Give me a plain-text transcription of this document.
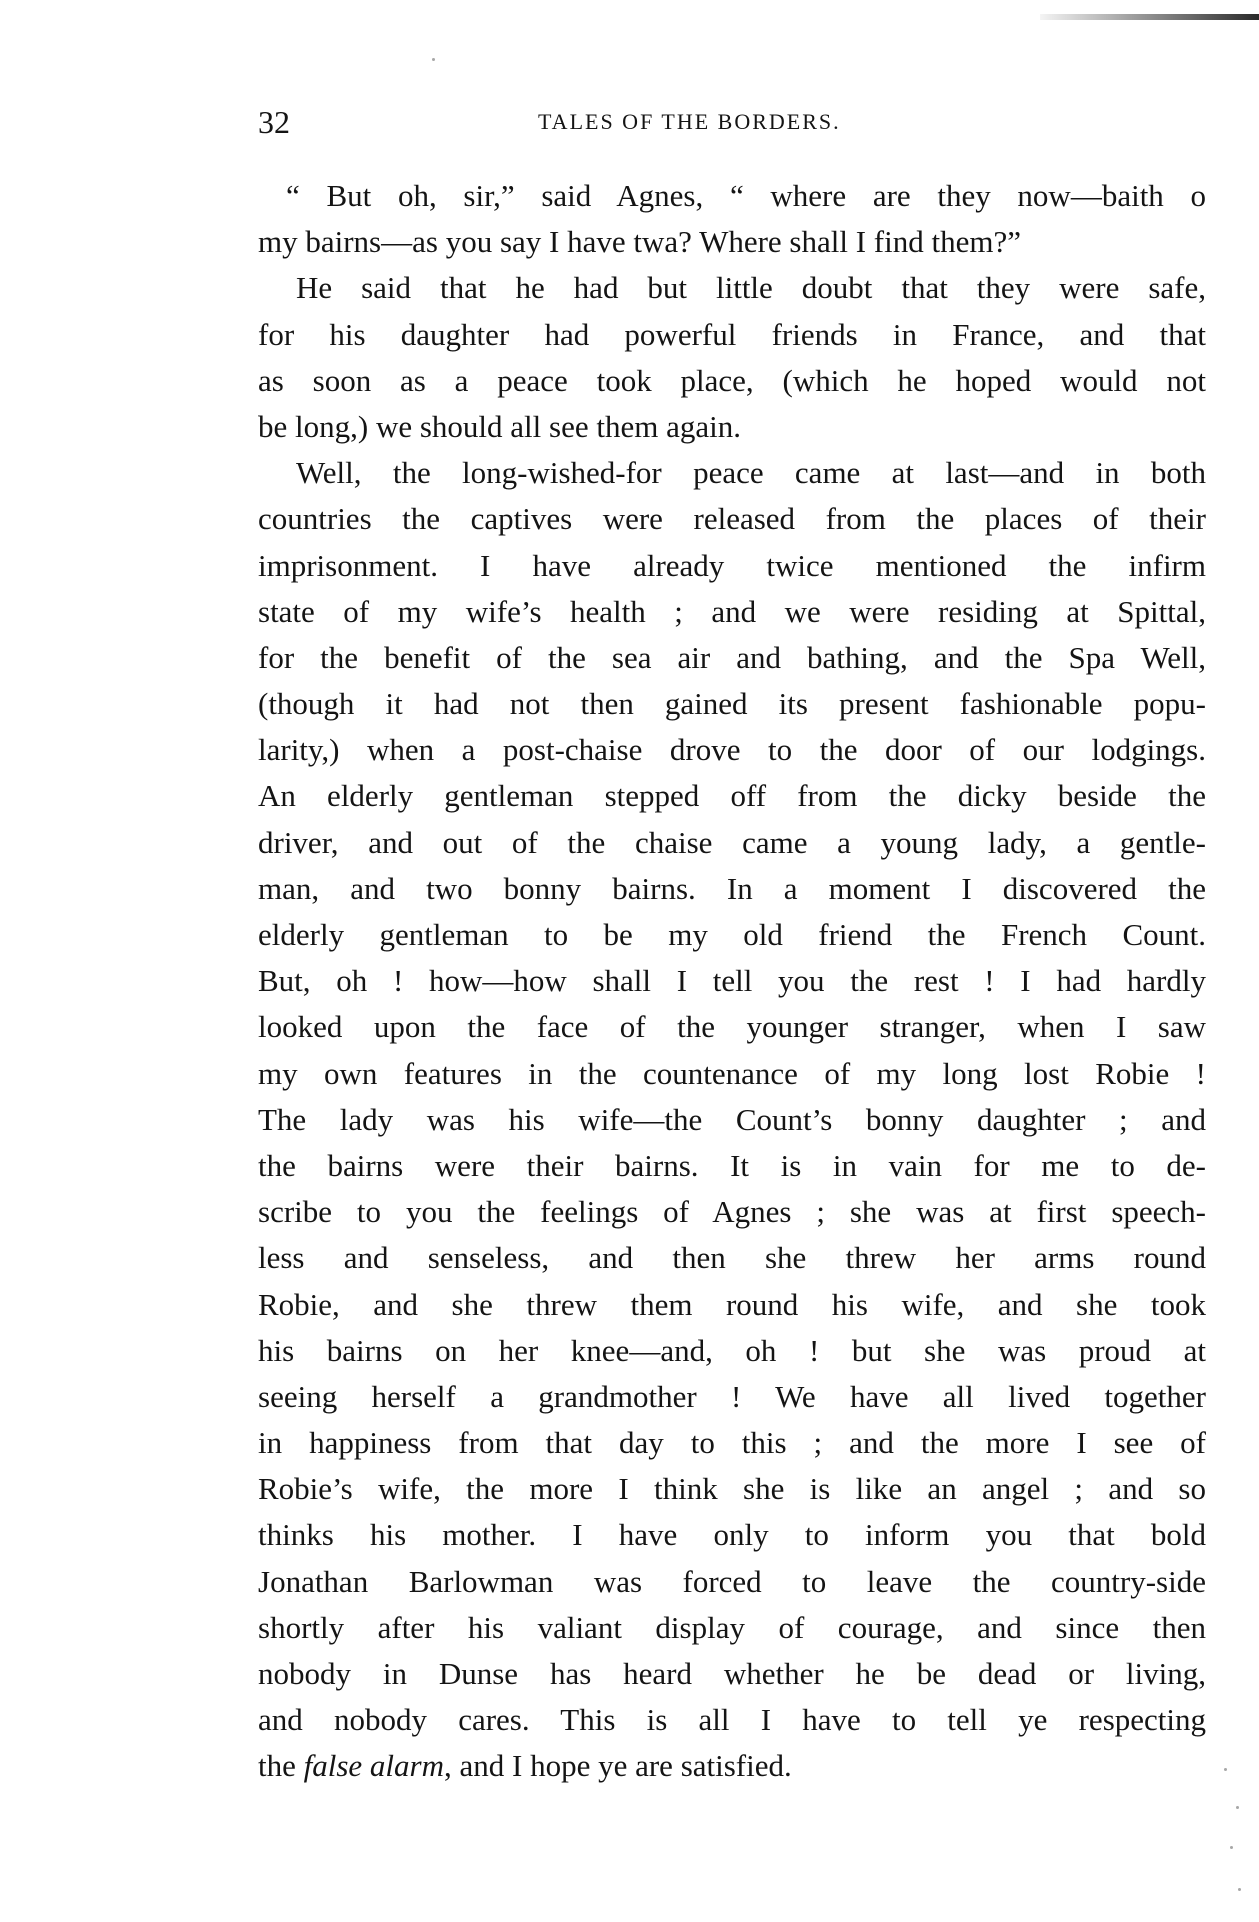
32	TALES OF THE BORDERS.
“ But oh, sir,” said Agnes, “ where are they now—baith o
my bairns—as you say I have twa? Where shall I find them?”
He said that he had but little doubt that they were safe,
for his daughter had powerful friends in France, and that
as soon as a peace took place, (which he hoped would not
be long,) we should all see them again.
Well, the long-wished-for peace came at last—and in both
countries the captives were released from the places of their
imprisonment. I have already twice mentioned the infirm
state of my wife’s health ; and we were residing at Spittal,
for the benefit of the sea air and bathing, and the Spa Well,
(though it had not then gained its present fashionable popu-
larity,) when a post-chaise drove to the door of our lodgings.
An elderly gentleman stepped off from the dicky beside the
driver, and out of the chaise came a young lady, a gentle-
man, and two bonny bairns. In a moment I discovered the
elderly gentleman to be my old friend the French Count.
But, oh ! how—how shall I tell you the rest ! I had hardly
looked upon the face of the younger stranger, when I saw
my own features in the countenance of my long lost Robie !
The lady was his wife—the Count’s bonny daughter ; and
the bairns were their bairns. It is in vain for me to de-
scribe to you the feelings of Agnes ; she was at first speech-
less and senseless, and then she threw her arms round
Robie, and she threw them round his wife, and she took
his bairns on her knee—and, oh ! but she was proud at
seeing herself a grandmother ! We have all lived together
in happiness from that day to this ; and the more I see of
Robie’s wife, the more I think she is like an angel ; and so
thinks his mother. I have only to inform you that bold
Jonathan Barlowman was forced to leave the country-side
shortly after his valiant display of courage, and since then
nobody in Dunse has heard whether he be dead or living,
and nobody cares. This is all I have to tell ye respecting
the false alarm, and I hope ye are satisfied.
